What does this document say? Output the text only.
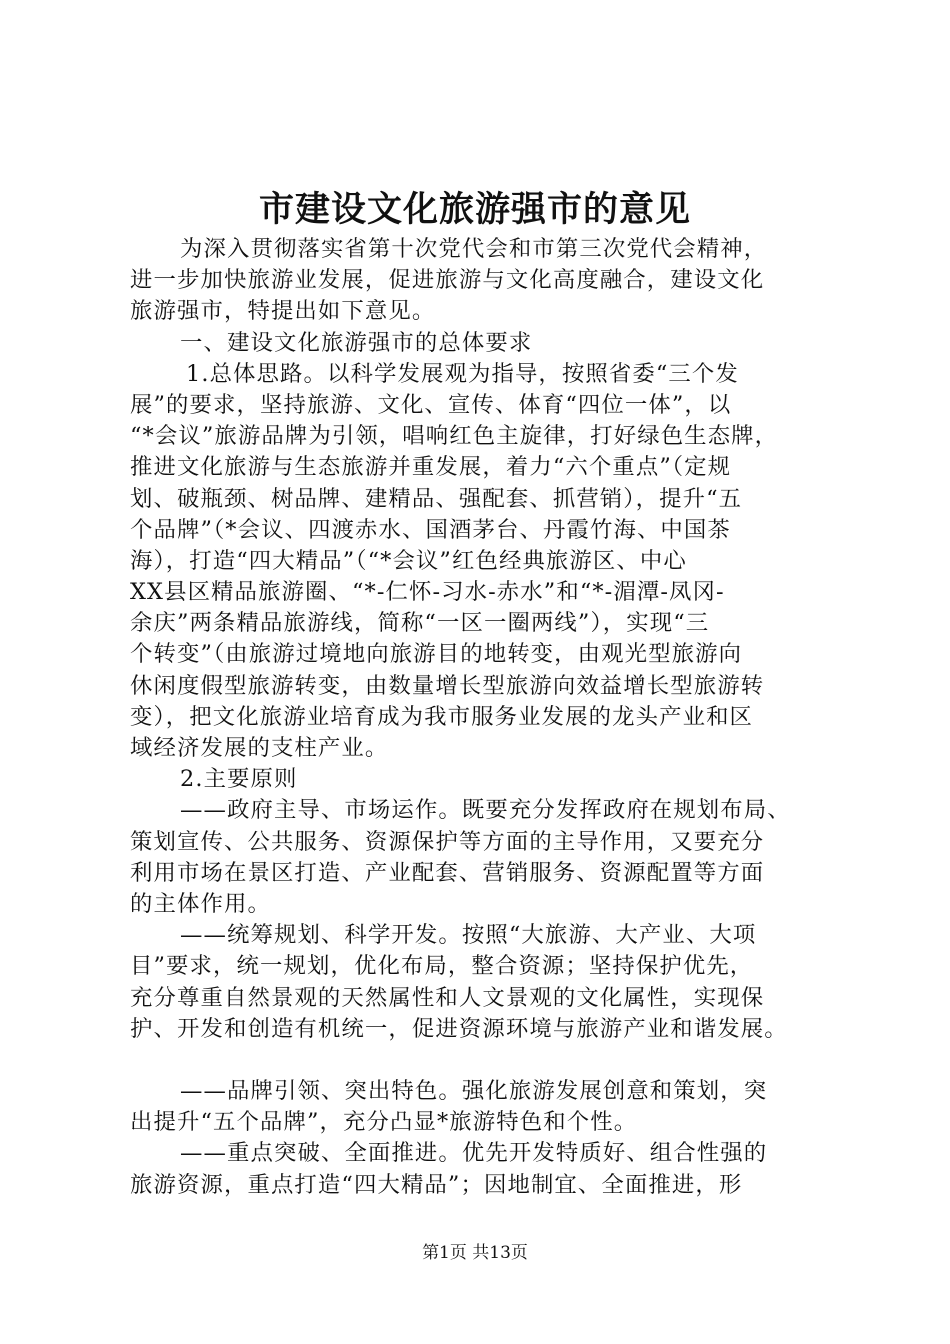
市建设文化旅游强市的意见
为深入贯彻落实省第十次党代会和市第三次党代会精神，
进一步加快旅游业发展，促进旅游与文化高度融合，建设文化
旅游强市，特提出如下意见。
一、建设文化旅游强市的总体要求
1.总体思路。以科学发展观为指导，按照省委“三个发
展”的要求，坚持旅游、文化、宣传、体育“四位一体”，以
“*会议”旅游品牌为引领，唱响红色主旋律，打好绿色生态牌，
推进文化旅游与生态旅游并重发展，着力“六个重点”（定规
划、破瓶颈、树品牌、建精品、强配套、抓营销），提升“五
个品牌”（*会议、四渡赤水、国酒茅台、丹霞竹海、中国茶
海），打造“四大精品”（“*会议”红色经典旅游区、中心
XX县区精品旅游圈、“*-仁怀-习水-赤水”和“*-湄潭-凤冈-
余庆”两条精品旅游线，简称“一区一圈两线”），实现“三
个转变”（由旅游过境地向旅游目的地转变，由观光型旅游向
休闲度假型旅游转变，由数量增长型旅游向效益增长型旅游转
变），把文化旅游业培育成为我市服务业发展的龙头产业和区
域经济发展的支柱产业。
2.主要原则
——政府主导、市场运作。既要充分发挥政府在规划布局、
策划宣传、公共服务、资源保护等方面的主导作用，又要充分
利用市场在景区打造、产业配套、营销服务、资源配置等方面
的主体作用。
——统筹规划、科学开发。按照“大旅游、大产业、大项
目”要求，统一规划，优化布局，整合资源；坚持保护优先，
充分尊重自然景观的天然属性和人文景观的文化属性，实现保
护、开发和创造有机统一，促进资源环境与旅游产业和谐发展。
——品牌引领、突出特色。强化旅游发展创意和策划，突
出提升“五个品牌”，充分凸显*旅游特色和个性。
——重点突破、全面推进。优先开发特质好、组合性强的
旅游资源，重点打造“四大精品”；因地制宜、全面推进，形
第1页 共13页
